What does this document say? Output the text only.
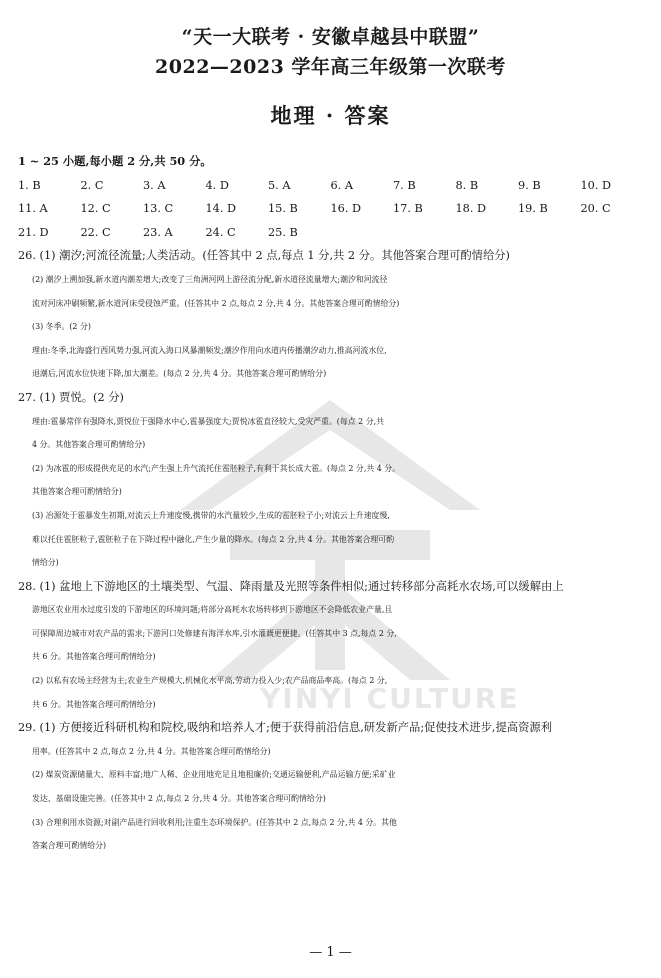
“天一大联考 · 安徽卓越县中联盟”
2022—2023 学年高三年级第一次联考
地理 · 答案
YINYI CULTURE
1 ~ 25 小题,每小题 2 分,共 50 分。
1. B	2. C	3. A	4. D	5. A	6. A	7. B	8. B	9. B	10. D
11. A	12. C	13. C	14. D	15. B	16. D	17. B	18. D	19. B	20. C
21. D	22. C	23. A	24. C	25. B
26. (1) 潮汐;河流径流量;人类活动。(任答其中 2 点,每点 1 分,共 2 分。其他答案合理可酌情给分)
(2) 潮汐上溯加强,新水道内潮差增大;改变了三角洲河网上游径流分配,新水道径流量增大;潮汐和河流径
流对河床冲刷频繁,新水道河床受侵蚀严重。(任答其中 2 点,每点 2 分,共 4 分。其他答案合理可酌情给分)
(3) 冬季。(2 分)
理由:冬季,北海盛行西风势力强,河流入海口风暴潮频发;潮汐作用向水道内传播潮汐动力,推高河流水位,
退潮后,河流水位快速下降,加大潮差。(每点 2 分,共 4 分。其他答案合理可酌情给分)
27. (1) 贾悦。(2 分)
理由:雹暴常伴有强降水,贾悦位于强降水中心,雹暴强度大;贾悦冰雹直径较大,受灾严重。(每点 2 分,共
4 分。其他答案合理可酌情给分)
(2) 为冰雹的形成提供充足的水汽;产生强上升气流托住雹胚粒子,有利于其长成大雹。(每点 2 分,共 4 分。
其他答案合理可酌情给分)
(3) 冶源处于雹暴发生初期,对流云上升速度慢,携带的水汽量较少,生成的雹胚粒子小;对流云上升速度慢,
难以托住雹胚粒子,雹胚粒子在下降过程中融化,产生少量的降水。(每点 2 分,共 4 分。其他答案合理可酌
情给分)
28. (1) 盆地上下游地区的土壤类型、气温、降雨量及光照等条件相似;通过转移部分高耗水农场,可以缓解由上
游地区农业用水过度引发的下游地区的环境问题;将部分高耗水农场转移到下游地区不会降低农业产量,且
可保障周边城市对农产品的需求;下游河口处修建有海洋水库,引水灌溉更便捷。(任答其中 3 点,每点 2 分,
共 6 分。其他答案合理可酌情给分)
(2) 以私有农场主经营为主;农业生产规模大,机械化水平高,劳动力投入少;农产品商品率高。(每点 2 分,
共 6 分。其他答案合理可酌情给分)
29. (1) 方便接近科研机构和院校,吸纳和培养人才;便于获得前沿信息,研发新产品;促使技术进步,提高资源利
用率。(任答其中 2 点,每点 2 分,共 4 分。其他答案合理可酌情给分)
(2) 煤炭资源储量大、原料丰富;地广人稀、企业用地充足且地租廉价;交通运输便利,产品运输方便;采矿业
发达、基础设施完善。(任答其中 2 点,每点 2 分,共 4 分。其他答案合理可酌情给分)
(3) 合理利用水资源;对副产品进行回收利用;注重生态环境保护。(任答其中 2 点,每点 2 分,共 4 分。其他
答案合理可酌情给分)
— 1 —
